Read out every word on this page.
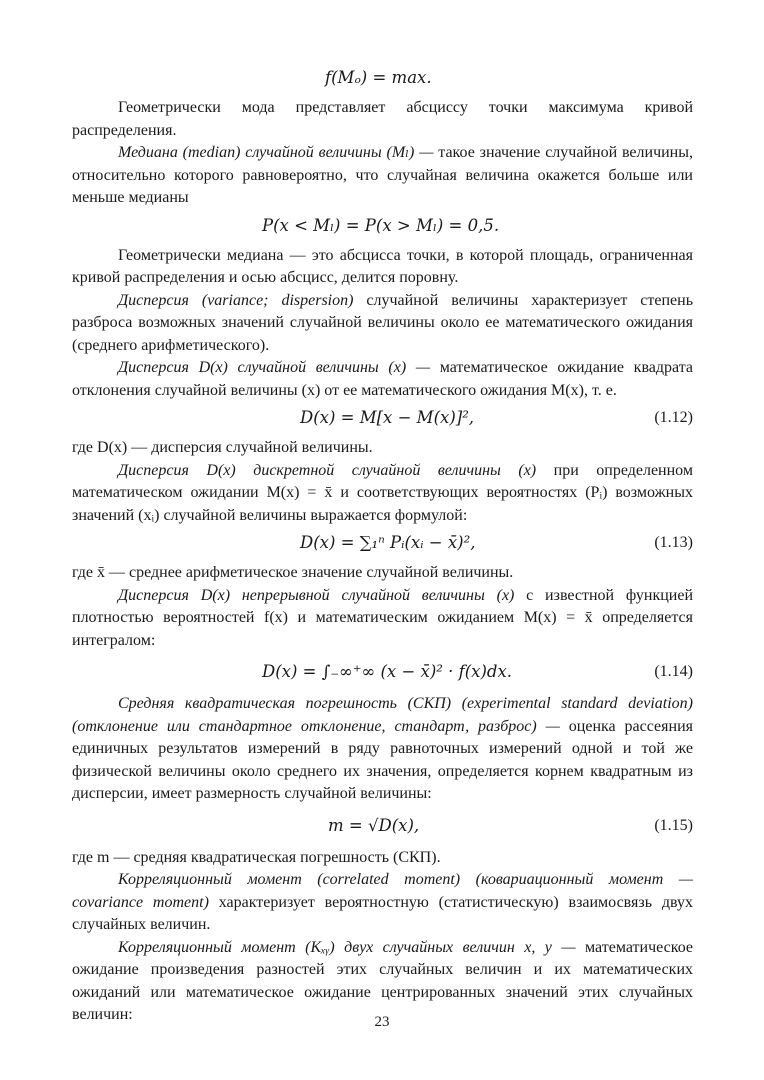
f(Mₒ) = max.

Геометрически мода представляет абсциссу точки максимума кривой распределения.

Медиана (median) случайной величины (Mₗ) — такое значение случайной величины, относительно которого равновероятно, что случайная величина окажется больше или меньше медианы

P(x < Mₗ) = P(x > Mₗ) = 0,5.

Геометрически медиана — это абсцисса точки, в которой площадь, ограниченная кривой распределения и осью абсцисс, делится поровну.

Дисперсия (variance; dispersion) случайной величины характеризует степень разброса возможных значений случайной величины около ее математического ожидания (среднего арифметического).

Дисперсия D(x) случайной величины (x) — математическое ожидание квадрата отклонения случайной величины (x) от ее математического ожидания M(x), т. е.

D(x) = M[x − M(x)]²,	(1.12)

где D(x) — дисперсия случайной величины.

Дисперсия D(x) дискретной случайной величины (x) при определенном математическом ожидании M(x) = x̄ и соответствующих вероятностях (Pᵢ) возможных значений (xᵢ) случайной величины выражается формулой:

D(x) = ∑₁ⁿ Pᵢ(xᵢ − x̄)²,	(1.13)

где x̄ — среднее арифметическое значение случайной величины.

Дисперсия D(x) непрерывной случайной величины (x) с известной функцией плотностью вероятностей f(x) и математическим ожиданием M(x) = x̄ определяется интегралом:

D(x) = ∫₋∞⁺∞ (x − x̄)² · f(x)dx.	(1.14)

Средняя квадратическая погрешность (СКП) (experimental standard deviation) (отклонение или стандартное отклонение, стандарт, разброс) — оценка рассеяния единичных результатов измерений в ряду равноточных измерений одной и той же физической величины около среднего их значения, определяется корнем квадратным из дисперсии, имеет размерность случайной величины:

m = √D(x),	(1.15)

где m — средняя квадратическая погрешность (СКП).

Корреляционный момент (correlated moment) (ковариационный момент — covariance moment) характеризует вероятностную (статистическую) взаимосвязь двух случайных величин.

Корреляционный момент (Kₓᵧ) двух случайных величин x, y — математическое ожидание произведения разностей этих случайных величин и их математических ожиданий или математическое ожидание центрированных значений этих случайных величин:	23
